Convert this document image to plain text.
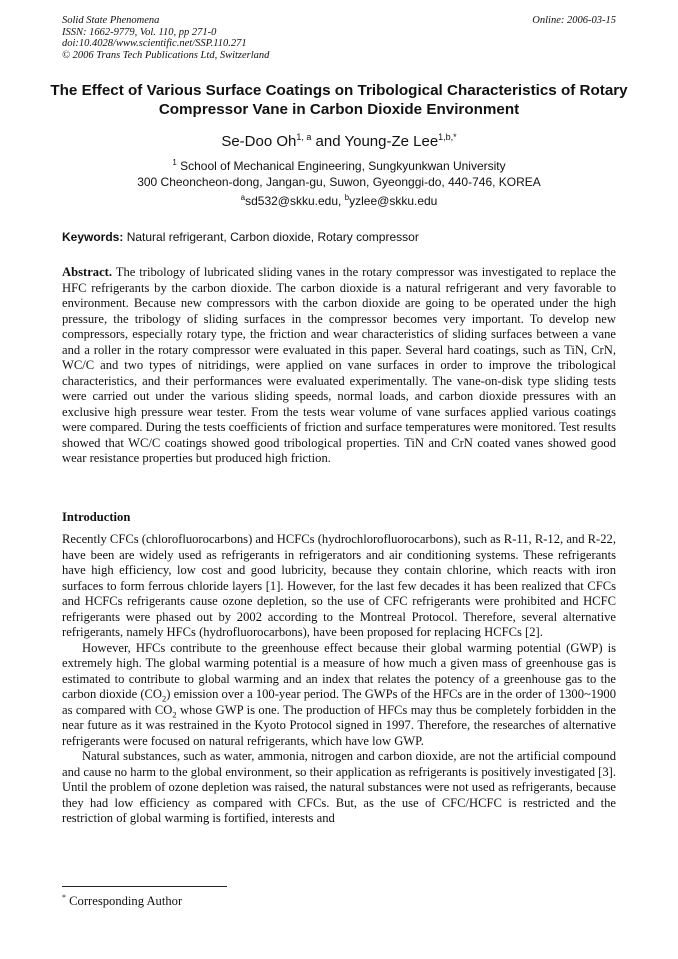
Solid State Phenomena
ISSN: 1662-9779, Vol. 110, pp 271-0
doi:10.4028/www.scientific.net/SSP.110.271
© 2006 Trans Tech Publications Ltd, Switzerland
Online: 2006-03-15
The Effect of Various Surface Coatings on Tribological Characteristics of Rotary Compressor Vane in Carbon Dioxide Environment
Se-Doo Oh$^{1, a}$ and Young-Ze Lee$^{1,b,*}$
$^1$ School of Mechanical Engineering, Sungkyunkwan University
300 Cheoncheon-dong, Jangan-gu, Suwon, Gyeonggi-do, 440-746, KOREA
$^a$sd532@skku.edu, $^b$yzlee@skku.edu
Keywords: Natural refrigerant, Carbon dioxide, Rotary compressor
Abstract. The tribology of lubricated sliding vanes in the rotary compressor was investigated to replace the HFC refrigerants by the carbon dioxide. The carbon dioxide is a natural refrigerant and very favorable to environment. Because new compressors with the carbon dioxide are going to be operated under the high pressure, the tribology of sliding surfaces in the compressor becomes very important. To develop new compressors, especially rotary type, the friction and wear characteristics of sliding surfaces between a vane and a roller in the rotary compressor were evaluated in this paper. Several hard coatings, such as TiN, CrN, WC/C and two types of nitridings, were applied on vane surfaces in order to improve the tribological characteristics, and their performances were evaluated experimentally. The vane-on-disk type sliding tests were carried out under the various sliding speeds, normal loads, and carbon dioxide pressures with an exclusive high pressure wear tester. From the tests wear volume of vane surfaces applied various coatings were compared. During the tests coefficients of friction and surface temperatures were monitored. Test results showed that WC/C coatings showed good tribological properties. TiN and CrN coated vanes showed good wear resistance properties but produced high friction.
Introduction

Recently CFCs (chlorofluorocarbons) and HCFCs (hydrochlorofluorocarbons), such as R-11, R-12, and R-22, have been are widely used as refrigerants in refrigerators and air conditioning systems. These refrigerants have high efficiency, low cost and good lubricity, because they contain chlorine, which reacts with iron surfaces to form ferrous chloride layers [1]. However, for the last few decades it has been realized that CFCs and HCFCs refrigerants cause ozone depletion, so the use of CFC refrigerants were prohibited and HCFC refrigerants were phased out by 2002 according to the Montreal Protocol. Therefore, several alternative refrigerants, namely HFCs (hydrofluorocarbons), have been proposed for replacing HCFCs [2].

However, HFCs contribute to the greenhouse effect because their global warming potential (GWP) is extremely high. The global warming potential is a measure of how much a given mass of greenhouse gas is estimated to contribute to global warming and an index that relates the potency of a greenhouse gas to the carbon dioxide $(CO_2)$ emission over a 100-year period. The GWPs of the HFCs are in the order of 1300~1900 as compared with $CO_2$ whose GWP is one. The production of HFCs may thus be completely forbidden in the near future as it was restrained in the Kyoto Protocol signed in 1997. Therefore, the researches of alternative refrigerants were focused on natural refrigerants, which have low GWP.

Natural substances, such as water, ammonia, nitrogen and carbon dioxide, are not the artificial compound and cause no harm to the global environment, so their application as refrigerants is positively investigated [3]. Until the problem of ozone depletion was raised, the natural substances were not used as refrigerants, because they had low efficiency as compared with CFCs. But, as the use of CFC/HCFC is restricted and the restriction of global warming is fortified, interests and

* Corresponding Author
